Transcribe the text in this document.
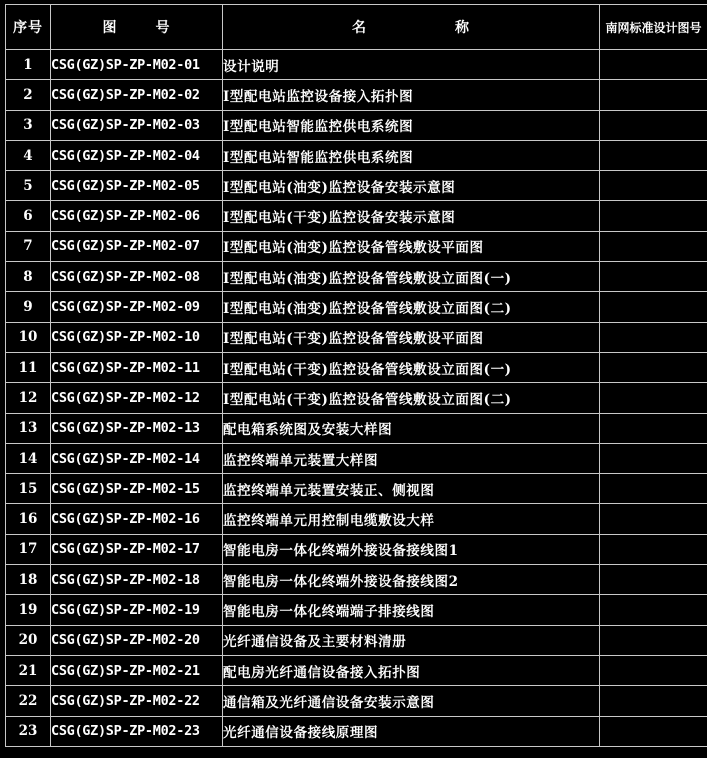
序号	图 号	名 称	南网标准设计图号
1	CSG(GZ)SP-ZP-M02-01	设计说明	
2	CSG(GZ)SP-ZP-M02-02	I型配电站监控设备接入拓扑图	
3	CSG(GZ)SP-ZP-M02-03	I型配电站智能监控供电系统图	
4	CSG(GZ)SP-ZP-M02-04	I型配电站智能监控供电系统图	
5	CSG(GZ)SP-ZP-M02-05	I型配电站(油变)监控设备安装示意图	
6	CSG(GZ)SP-ZP-M02-06	I型配电站(干变)监控设备安装示意图	
7	CSG(GZ)SP-ZP-M02-07	I型配电站(油变)监控设备管线敷设平面图	
8	CSG(GZ)SP-ZP-M02-08	I型配电站(油变)监控设备管线敷设立面图(一)	
9	CSG(GZ)SP-ZP-M02-09	I型配电站(油变)监控设备管线敷设立面图(二)	
10	CSG(GZ)SP-ZP-M02-10	I型配电站(干变)监控设备管线敷设平面图	
11	CSG(GZ)SP-ZP-M02-11	I型配电站(干变)监控设备管线敷设立面图(一)	
12	CSG(GZ)SP-ZP-M02-12	I型配电站(干变)监控设备管线敷设立面图(二)	
13	CSG(GZ)SP-ZP-M02-13	配电箱系统图及安装大样图	
14	CSG(GZ)SP-ZP-M02-14	监控终端单元装置大样图	
15	CSG(GZ)SP-ZP-M02-15	监控终端单元装置安装正、侧视图	
16	CSG(GZ)SP-ZP-M02-16	监控终端单元用控制电缆敷设大样	
17	CSG(GZ)SP-ZP-M02-17	智能电房一体化终端外接设备接线图1	
18	CSG(GZ)SP-ZP-M02-18	智能电房一体化终端外接设备接线图2	
19	CSG(GZ)SP-ZP-M02-19	智能电房一体化终端端子排接线图	
20	CSG(GZ)SP-ZP-M02-20	光纤通信设备及主要材料清册	
21	CSG(GZ)SP-ZP-M02-21	配电房光纤通信设备接入拓扑图	
22	CSG(GZ)SP-ZP-M02-22	通信箱及光纤通信设备安装示意图	
23	CSG(GZ)SP-ZP-M02-23	光纤通信设备接线原理图	
